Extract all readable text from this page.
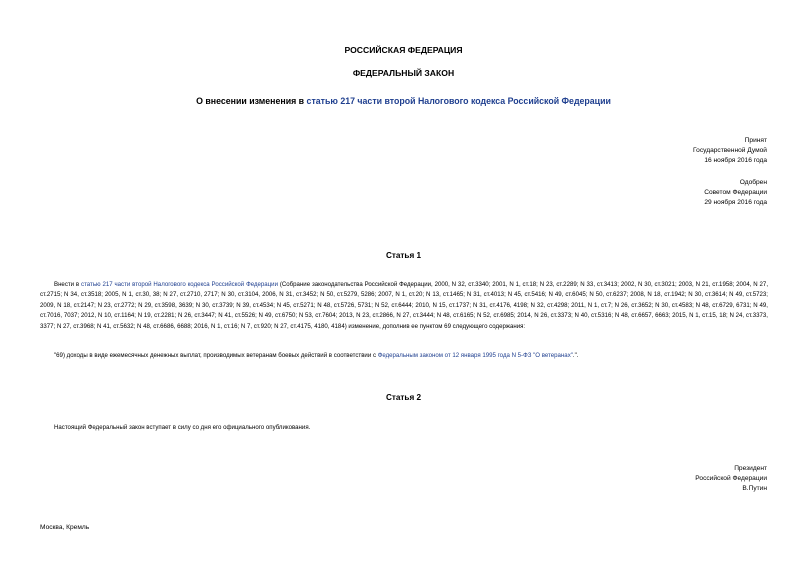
РОССИЙСКАЯ ФЕДЕРАЦИЯ
ФЕДЕРАЛЬНЫЙ ЗАКОН
О внесении изменения в статью 217 части второй Налогового кодекса Российской Федерации
Принят
Государственной Думой
16 ноября 2016 года
Одобрен
Советом Федерации
29 ноября 2016 года
Статья 1
Внести в статью 217 части второй Налогового кодекса Российской Федерации (Собрание законодательства Российской Федерации, 2000, N 32, ст.3340; 2001, N 1, ст.18; N 23, ст.2289; N 33, ст.3413; 2002, N 30, ст.3021; 2003, N 21, ст.1958; 2004, N 27, ст.2715; N 34, ст.3518; 2005, N 1, ст.30, 38; N 27, ст.2710, 2717; N 30, ст.3104, 2006, N 31, ст.3452; N 50, ст.5279, 5286; 2007, N 1, ст.20; N 13, ст.1465; N 31, ст.4013; N 45, ст.5416; N 49, ст.6045; N 50, ст.6237; 2008, N 18, ст.1942; N 30, ст.3614; N 49, ст.5723; 2009, N 18, ст.2147; N 23, ст.2772; N 29, ст.3598, 3639; N 30, ст.3739; N 39, ст.4534; N 45, ст.5271; N 48, ст.5726, 5731; N 52, ст.6444; 2010, N 15, ст.1737; N 31, ст.4176, 4198; N 32, ст.4298; 2011, N 1, ст.7; N 26, ст.3652; N 30, ст.4583; N 48, ст.6729, 6731; N 49, ст.7016, 7037; 2012, N 10, ст.1164; N 19, ст.2281; N 26, ст.3447; N 41, ст.5526; N 49, ст.6750; N 53, ст.7604; 2013, N 23, ст.2866, N 27, ст.3444; N 48, ст.6165; N 52, ст.6985; 2014, N 26, ст.3373; N 40, ст.5316; N 48, ст.6657, 6663; 2015, N 1, ст.15, 18; N 24, ст.3373, 3377; N 27, ст.3968; N 41, ст.5632; N 48, ст.6686, 6688; 2016, N 1, ст.16; N 7, ст.920; N 27, ст.4175, 4180, 4184) изменение, дополнив ее пунктом 69 следующего содержания:
"69) доходы в виде ежемесячных денежных выплат, производимых ветеранам боевых действий в соответствии с Федеральным законом от 12 января 1995 года N 5-ФЗ "О ветеранах".".
Статья 2
Настоящий Федеральный закон вступает в силу со дня его официального опубликования.
Президент
Российской Федерации
В.Путин
Москва, Кремль
